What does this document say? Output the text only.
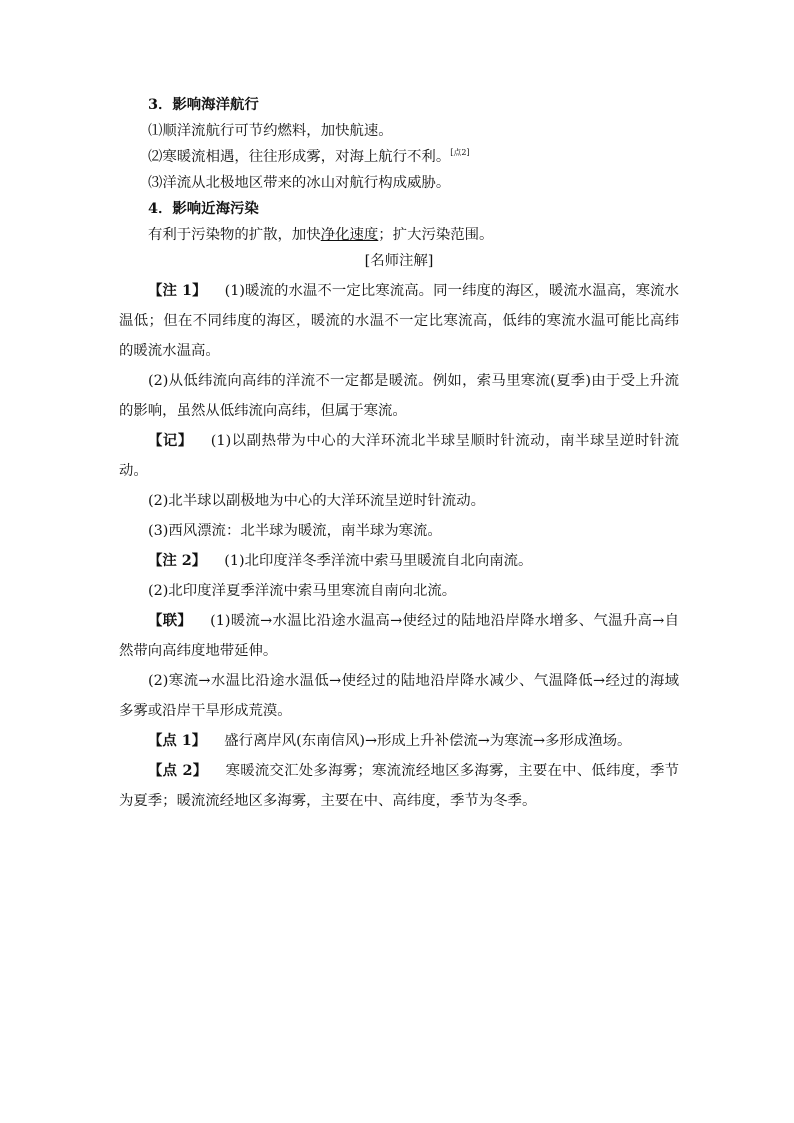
3．影响海洋航行
⑴顺洋流航行可节约燃料，加快航速。
⑵寒暖流相遇，往往形成雾，对海上航行不利。[点2]
⑶洋流从北极地区带来的冰山对航行构成威胁。
4．影响近海污染
有利于污染物的扩散，加快净化速度；扩大污染范围。
[名师注解]
【注 1】 (1)暖流的水温不一定比寒流高。同一纬度的海区，暖流水温高，寒流水温低；但在不同纬度的海区，暖流的水温不一定比寒流高，低纬的寒流水温可能比高纬的暖流水温高。
(2)从低纬流向高纬的洋流不一定都是暖流。例如，索马里寒流(夏季)由于受上升流的影响，虽然从低纬流向高纬，但属于寒流。
【记】 (1)以副热带为中心的大洋环流北半球呈顺时针流动，南半球呈逆时针流动。
(2)北半球以副极地为中心的大洋环流呈逆时针流动。
(3)西风漂流：北半球为暖流，南半球为寒流。
【注 2】 (1)北印度洋冬季洋流中索马里暖流自北向南流。
(2)北印度洋夏季洋流中索马里寒流自南向北流。
【联】 (1)暖流→水温比沿途水温高→使经过的陆地沿岸降水增多、气温升高→自然带向高纬度地带延伸。
(2)寒流→水温比沿途水温低→使经过的陆地沿岸降水减少、气温降低→经过的海域多雾或沿岸干旱形成荒漠。
【点 1】 盛行离岸风(东南信风)→形成上升补偿流→为寒流→多形成渔场。
【点 2】 寒暖流交汇处多海雾；寒流流经地区多海雾，主要在中、低纬度，季节为夏季；暖流流经地区多海雾，主要在中、高纬度，季节为冬季。
